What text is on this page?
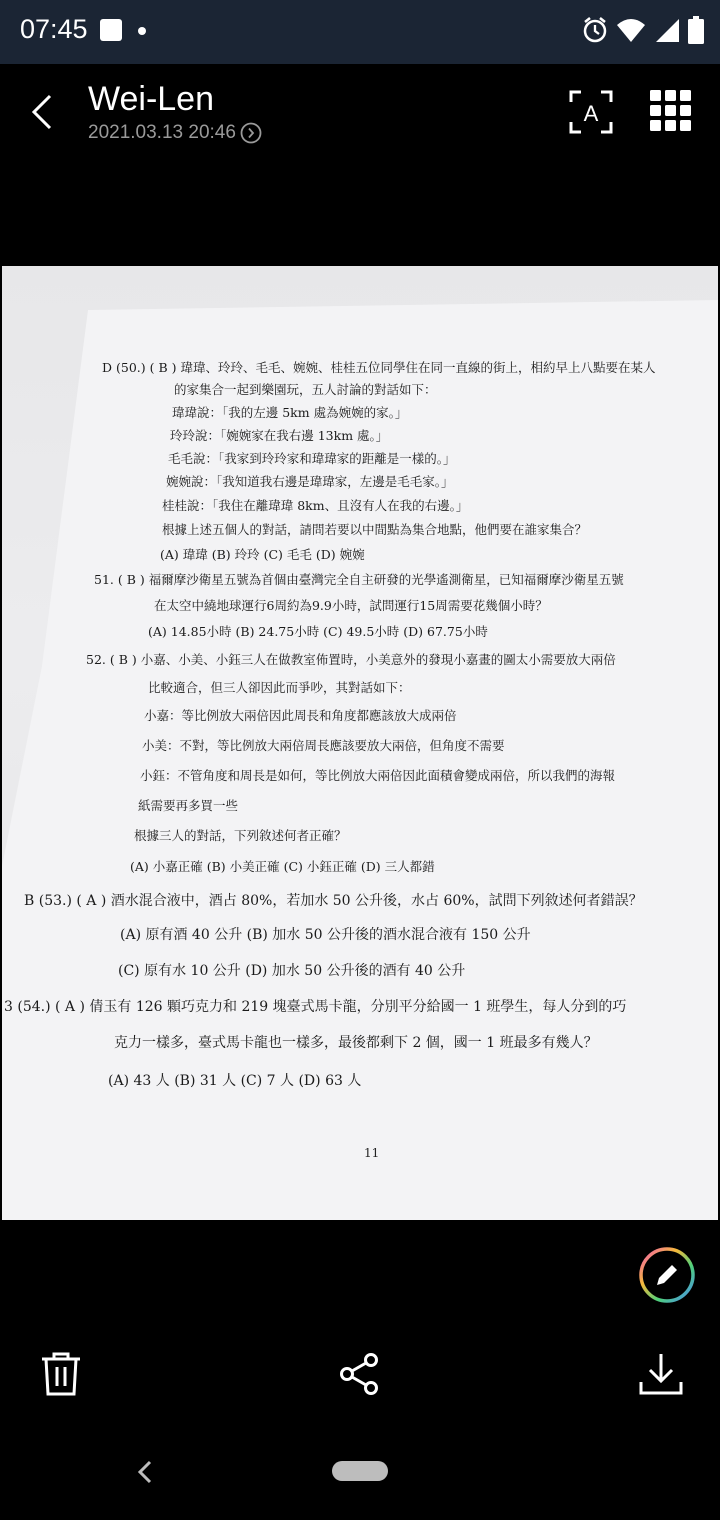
07:45
Wei-Len
2021.03.13 20:46
A
D (50.) ( B ) 瑋瑋、玲玲、毛毛、婉婉、桂桂五位同學住在同一直線的街上，相約早上八點要在某人
的家集合一起到樂園玩，五人討論的對話如下：
瑋瑋說：「我的左邊 5km 處為婉婉的家。」
玲玲說：「婉婉家在我右邊 13km 處。」
毛毛說：「我家到玲玲家和瑋瑋家的距離是一樣的。」
婉婉說：「我知道我右邊是瑋瑋家，左邊是毛毛家。」
桂桂說：「我住在離瑋瑋 8km、且沒有人在我的右邊。」
根據上述五個人的對話，請問若要以中間點為集合地點，他們要在誰家集合？
(A) 瑋瑋 (B) 玲玲 (C) 毛毛 (D) 婉婉
51. ( B ) 福爾摩沙衛星五號為首個由臺灣完全自主研發的光學遙測衛星，已知福爾摩沙衛星五號
在太空中繞地球運行6周約為9.9小時，試問運行15周需要花幾個小時？
(A) 14.85小時 (B) 24.75小時 (C) 49.5小時 (D) 67.75小時
52. ( B ) 小嘉、小美、小鈺三人在做教室佈置時，小美意外的發現小嘉畫的圖太小需要放大兩倍
比較適合，但三人卻因此而爭吵，其對話如下：
小嘉：等比例放大兩倍因此周長和角度都應該放大成兩倍
小美：不對，等比例放大兩倍周長應該要放大兩倍，但角度不需要
小鈺：不管角度和周長是如何，等比例放大兩倍因此面積會變成兩倍，所以我們的海報
紙需要再多買一些
根據三人的對話，下列敘述何者正確？
(A) 小嘉正確 (B) 小美正確 (C) 小鈺正確 (D) 三人都錯
B (53.) ( A ) 酒水混合液中，酒占 80%，若加水 50 公升後，水占 60%，試問下列敘述何者錯誤？
(A) 原有酒 40 公升 (B) 加水 50 公升後的酒水混合液有 150 公升
(C) 原有水 10 公升 (D) 加水 50 公升後的酒有 40 公升
3 (54.) ( A ) 倩玉有 126 顆巧克力和 219 塊臺式馬卡龍，分別平分給國一 1 班學生，每人分到的巧
克力一樣多，臺式馬卡龍也一樣多，最後都剩下 2 個，國一 1 班最多有幾人？
(A) 43 人 (B) 31 人 (C) 7 人 (D) 63 人
11
